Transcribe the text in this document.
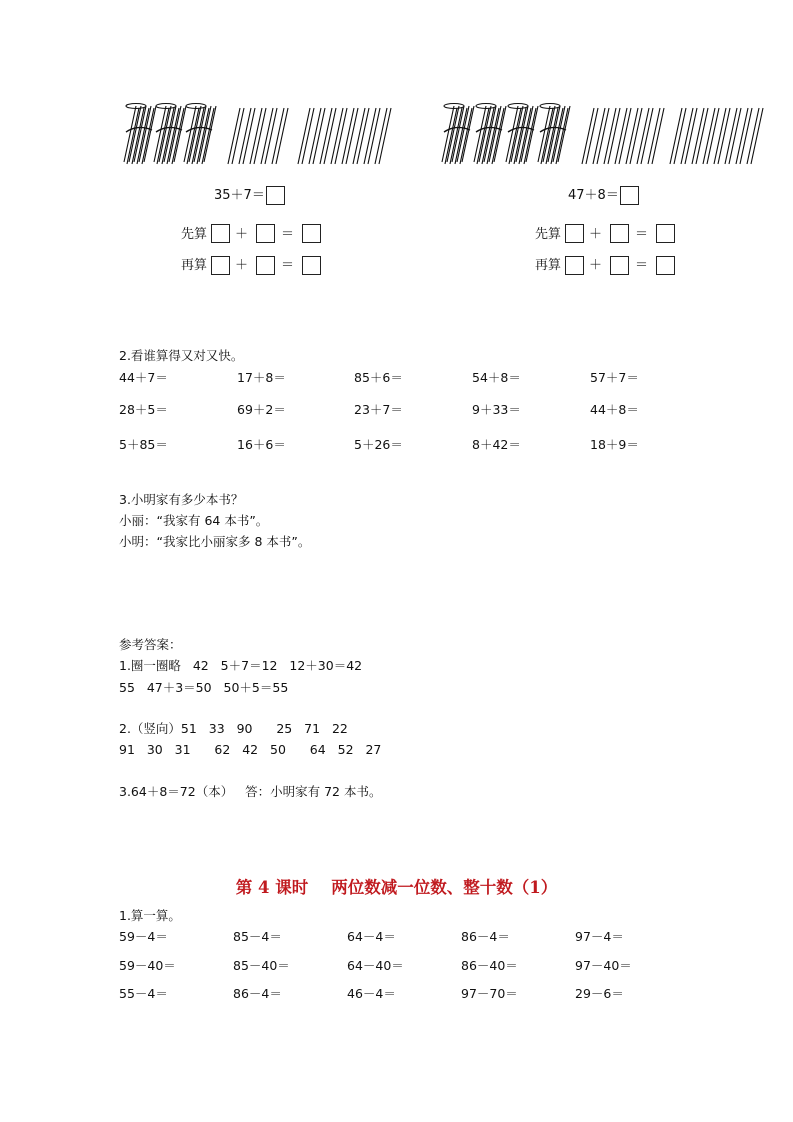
35＋7＝
先算 ＋	＝
再算 ＋	＝
47＋8＝
先算 ＋	＝
再算 ＋	＝
2.看谁算得又对又快。
44＋7＝	17＋8＝	85＋6＝	54＋8＝	57＋7＝
28＋5＝	69＋2＝	23＋7＝	9＋33＝	44＋8＝
5＋85＝	16＋6＝	5＋26＝	8＋42＝	18＋9＝
3.小明家有多少本书？
小丽：“我家有 64 本书”。
小明：“我家比小丽家多 8 本书”。
参考答案：
1.圈一圈略   42   5＋7＝12   12＋30＝42
55   47＋3＝50   50＋5＝55
2.（竖向）51   33   90      25   71   22
91   30   31      62   42   50      64   52   27
3.64＋8＝72（本）   答：小明家有 72 本书。
第 4 课时    两位数减一位数、整十数（1）
1.算一算。
59－4＝	85－4＝	64－4＝	86－4＝	97－4＝
59－40＝	85－40＝	64－40＝	86－40＝	97－40＝
55－4＝	86－4＝	46－4＝	97－70＝	29－6＝
